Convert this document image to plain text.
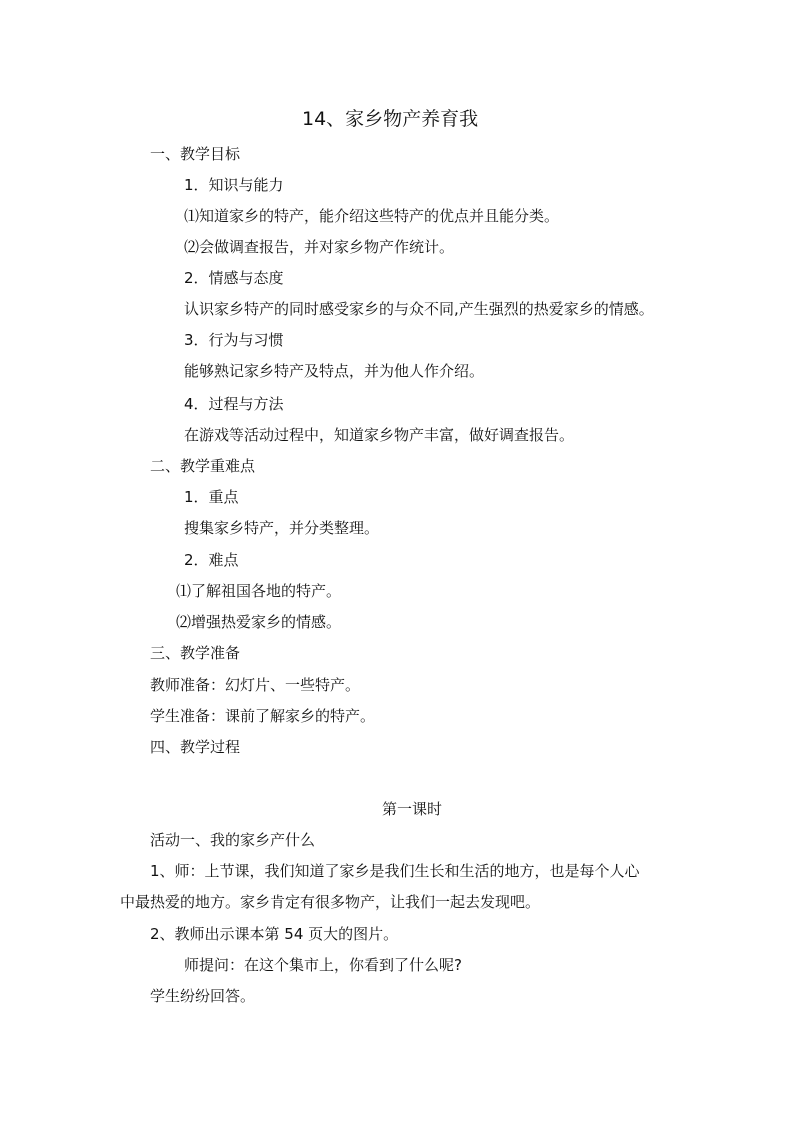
14、家乡物产养育我
一、教学目标
1．知识与能力
⑴知道家乡的特产，能介绍这些特产的优点并且能分类。
⑵会做调查报告，并对家乡物产作统计。
2．情感与态度
认识家乡特产的同时感受家乡的与众不同,产生强烈的热爱家乡的情感。
3．行为与习惯
能够熟记家乡特产及特点，并为他人作介绍。
4．过程与方法
在游戏等活动过程中，知道家乡物产丰富，做好调查报告。
二、教学重难点
1．重点
搜集家乡特产，并分类整理。
2．难点
⑴了解祖国各地的特产。
⑵增强热爱家乡的情感。
三、教学准备
教师准备：幻灯片、一些特产。
学生准备：课前了解家乡的特产。
四、教学过程
第一课时
活动一、我的家乡产什么
1、师：上节课，我们知道了家乡是我们生长和生活的地方，也是每个人心
中最热爱的地方。家乡肯定有很多物产，让我们一起去发现吧。
2、教师出示课本第 54 页大的图片。
师提问：在这个集市上，你看到了什么呢?
学生纷纷回答。
